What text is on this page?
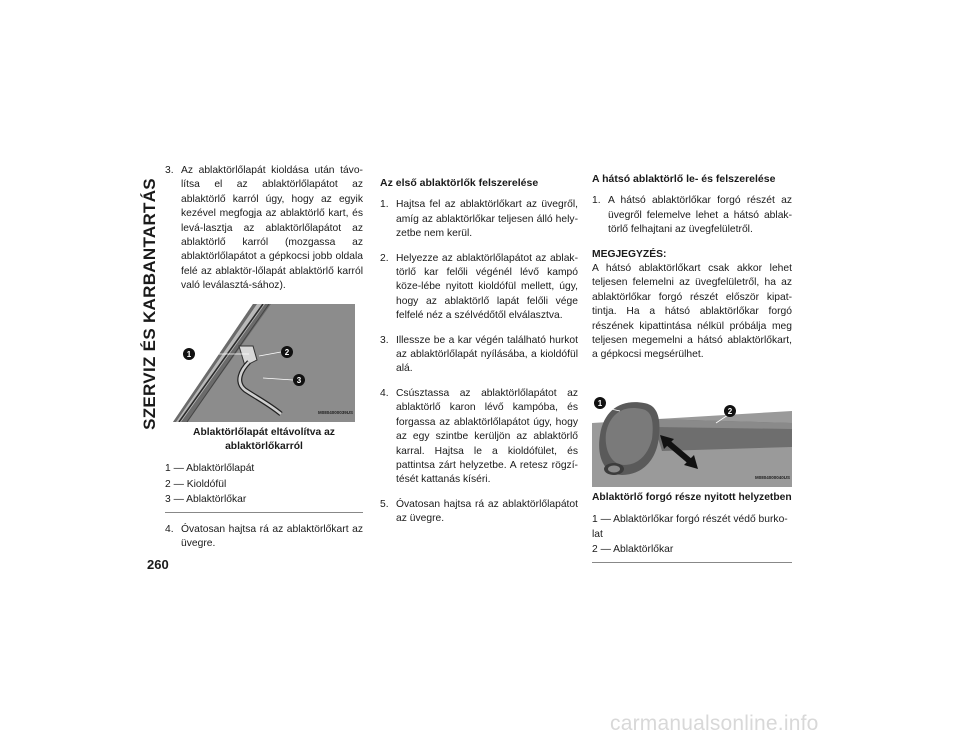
SZERVIZ ÉS KARBANTARTÁS
3. Az ablaktörlőlapát kioldása után távo-lítsa el az ablaktörlőlapátot az ablaktörlő karról úgy, hogy az egyik kezével megfogja az ablaktörlő kart, és levá-lasztja az ablaktörlőlapátot az ablaktörlő karról (mozgassa az ablaktörlőlapátot a gépkocsi jobb oldala felé az ablaktör-lőlapát ablaktörlő karról való leválasztá-sához).
1	2
3
M0804000039US
Ablaktörlőlapát eltávolítva az ablaktörlőkarról
1 — Ablaktörlőlapát
2 — Kioldófül
3 — Ablaktörlőkar
4. Óvatosan hajtsa rá az ablaktörlőkart az üvegre.
Az első ablaktörlők felszerelése
1. Hajtsa fel az ablaktörlőkart az üvegről, amíg az ablaktörlőkar teljesen álló hely-zetbe nem kerül.
2. Helyezze az ablaktörlőlapátot az ablak-törlő kar felőli végénél lévő kampó köze-lébe nyitott kioldófül mellett, úgy, hogy az ablaktörlő lapát felőli vége felfelé néz a szélvédőtől elválasztva.
3. Illessze be a kar végén található hurkot az ablaktörlőlapát nyílásába, a kioldófül alá.
4. Csúsztassa az ablaktörlőlapátot az ablaktörlő karon lévő kampóba, és forgassa az ablaktörlőlapátot úgy, hogy az egy szintbe kerüljön az ablaktörlő karral. Hajtsa le a kioldófület, és pattintsa zárt helyzetbe. A retesz rögzí-tését kattanás kíséri.
5. Óvatosan hajtsa rá az ablaktörlőlapátot az üvegre.
A hátsó ablaktörlő le- és felszerelése
1. A hátsó ablaktörlőkar forgó részét az üvegről felemelve lehet a hátsó ablak-törlő felhajtani az üvegfelületről.
MEGJEGYZÉS:
A hátsó ablaktörlőkart csak akkor lehet teljesen felemelni az üvegfelületről, ha az ablaktörlőkar forgó részét először kipat-tintja. Ha a hátsó ablaktörlőkar forgó részének kipattintása nélkül próbálja meg teljesen megemelni a hátsó ablaktörlőkart, a gépkocsi megsérülhet.
1
2
M0804000040US
Ablaktörlő forgó része nyitott helyzetben
1 — Ablaktörlőkar forgó részét védő burko-lat
2 — Ablaktörlőkar
260
carmanualsonline.info
